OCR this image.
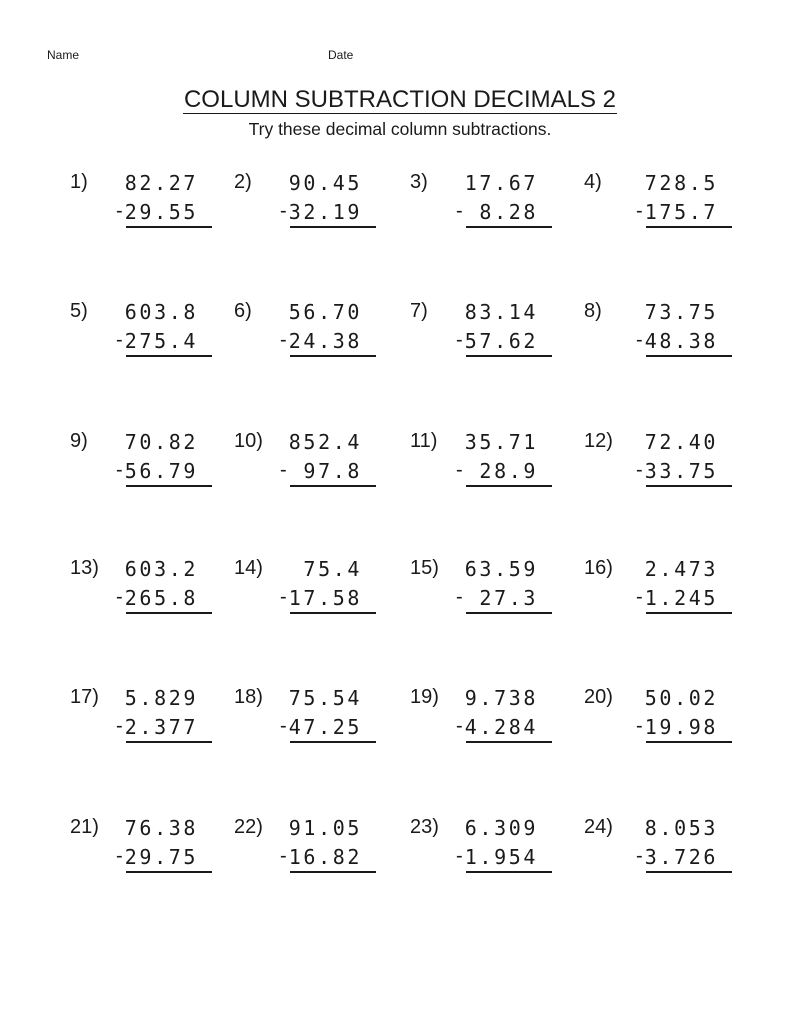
Name	Date
COLUMN SUBTRACTION DECIMALS 2
Try these decimal column subtractions.
1)	82.27
- 29.55
2)	90.45
- 32.19
3)	17.67
- 8.28
4)	728.5
- 175.7
5)	603.8
- 275.4
6)	56.70
- 24.38
7)	83.14
- 57.62
8)	73.75
- 48.38
9)	70.82
- 56.79
10)	852.4
- 97.8
11)	35.71
- 28.9
12)	72.40
- 33.75
13)	603.2
- 265.8
14)	75.4
- 17.58
15)	63.59
- 27.3
16)	2.473
- 1.245
17)	5.829
- 2.377
18)	75.54
- 47.25
19)	9.738
- 4.284
20)	50.02
- 19.98
21)	76.38
- 29.75
22)	91.05
- 16.82
23)	6.309
- 1.954
24)	8.053
- 3.726
